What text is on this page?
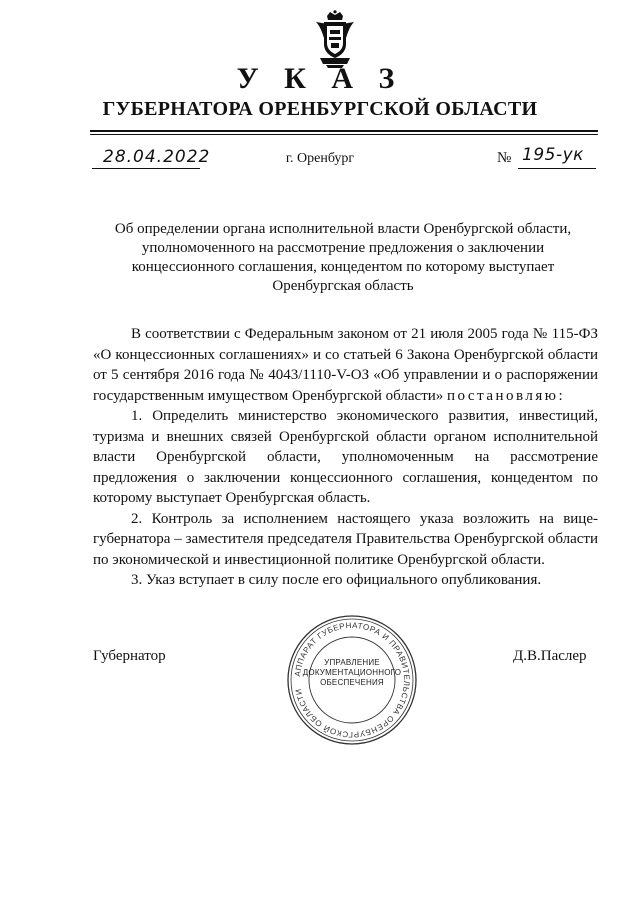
У К А З
ГУБЕРНАТОРА ОРЕНБУРГСКОЙ ОБЛАСТИ
28.04.2022	г. Оренбург	№ 195-ук
Об определении органа исполнительной власти Оренбургской области,
уполномоченного на рассмотрение предложения о заключении
концессионного соглашения, концедентом по которому выступает
Оренбургская область

В соответствии с Федеральным законом от 21 июля 2005 года № 115-ФЗ «О концессионных соглашениях» и со статьей 6 Закона Оренбургской области от 5 сентября 2016 года № 4043/1110-V-ОЗ «Об управлении и о распоряжении государственным имуществом Оренбургской области» постановляю:

1. Определить министерство экономического развития, инвестиций, туризма и внешних связей Оренбургской области органом исполнительной власти Оренбургской области, уполномоченным на рассмотрение предложения о заключении концессионного соглашения, концедентом по которому выступает Оренбургская область.

2. Контроль за исполнением настоящего указа возложить на вице-губернатора – заместителя председателя Правительства Оренбургской области по экономической и инвестиционной политике Оренбургской области.

3. Указ вступает в силу после его официального опубликования.

Губернатор	Д.В.Паслер
АППАРАТ ГУБЕРНАТОРА И ПРАВИТЕЛЬСТВА ОРЕНБУРГСКОЙ ОБЛАСТИ
УПРАВЛЕНИЕ
ДОКУМЕНТАЦИОННОГО
ОБЕСПЕЧЕНИЯ
